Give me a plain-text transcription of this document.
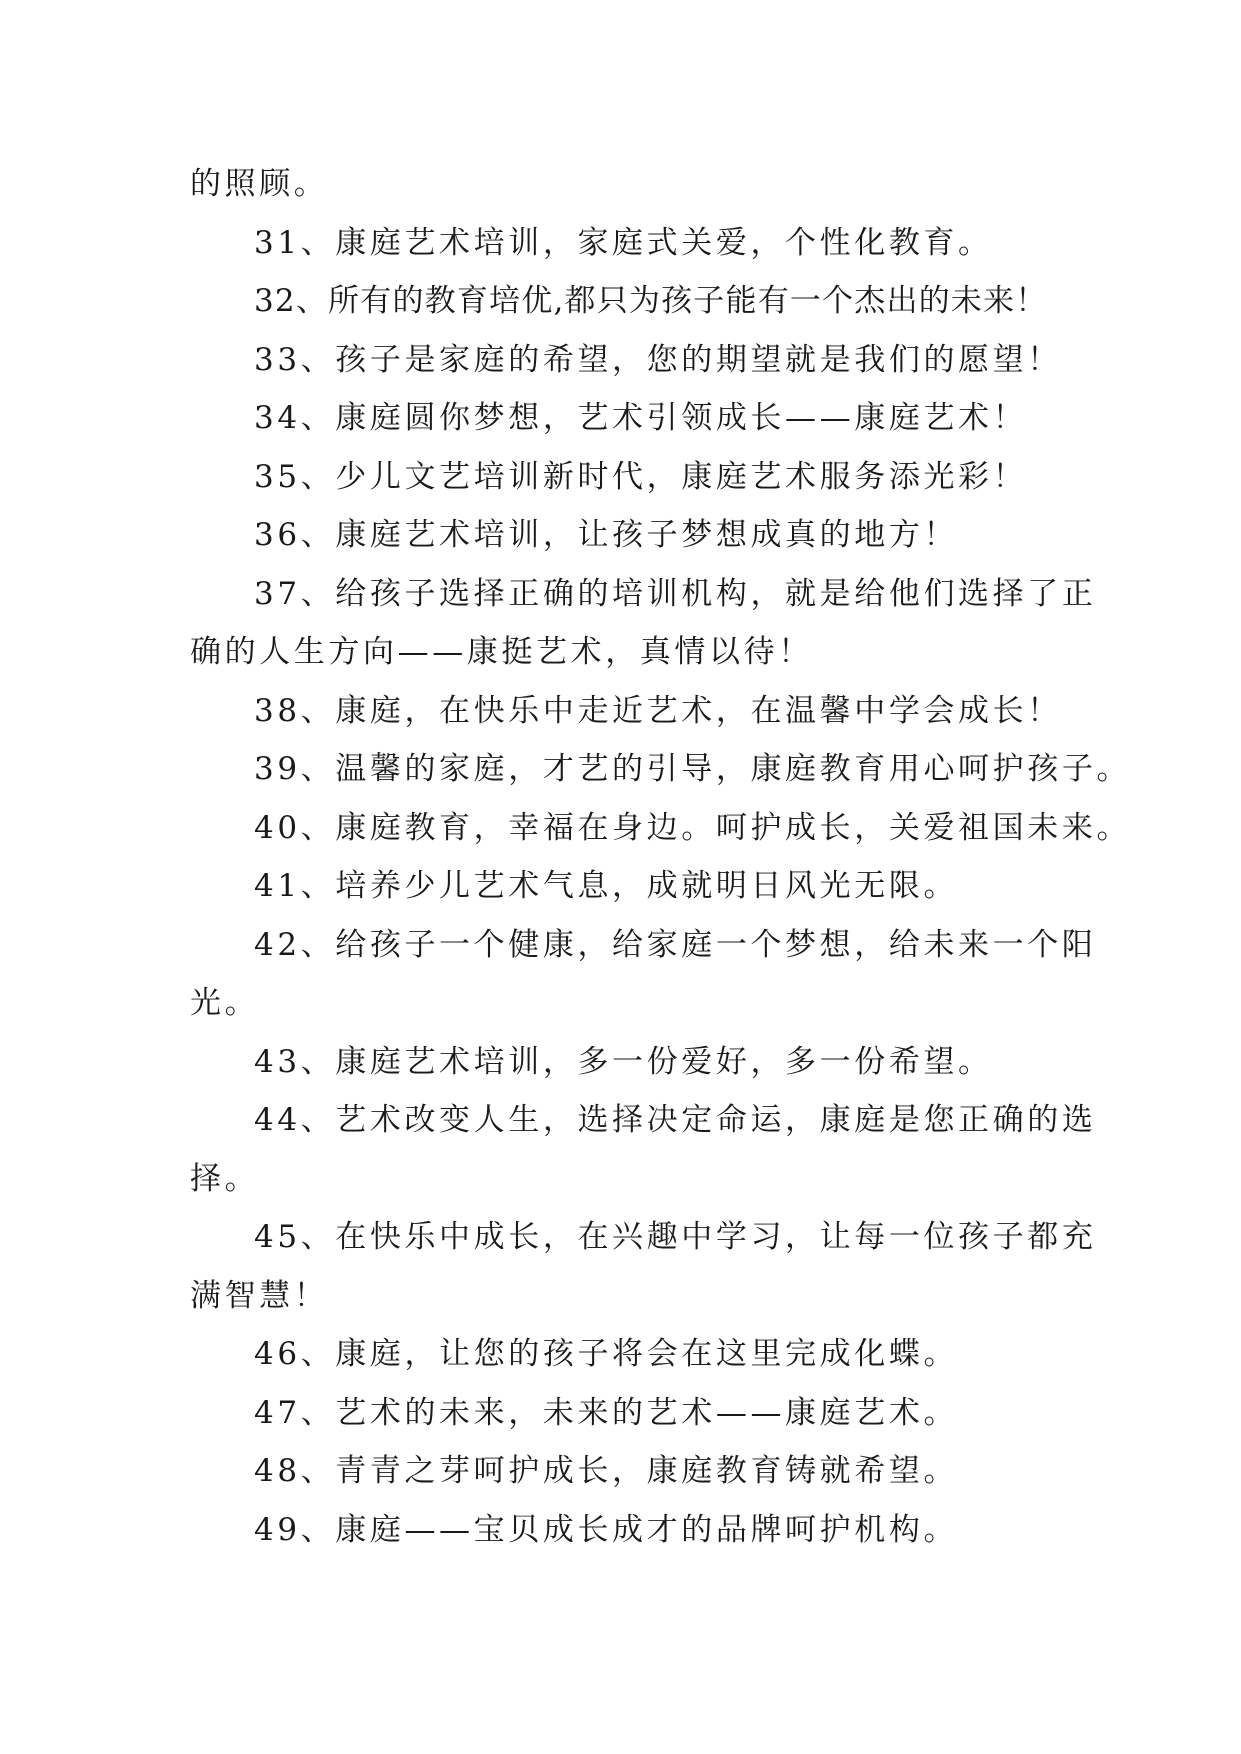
的照顾。
31、康庭艺术培训，家庭式关爱，个性化教育。
32、所有的教育培优,都只为孩子能有一个杰出的未来！
33、孩子是家庭的希望，您的期望就是我们的愿望！
34、康庭圆你梦想，艺术引领成长——康庭艺术！
35、少儿文艺培训新时代，康庭艺术服务添光彩！
36、康庭艺术培训，让孩子梦想成真的地方！
37、给孩子选择正确的培训机构，就是给他们选择了正
确的人生方向——康挺艺术，真情以待！
38、康庭，在快乐中走近艺术，在温馨中学会成长！
39、温馨的家庭，才艺的引导，康庭教育用心呵护孩子。
40、康庭教育，幸福在身边。呵护成长，关爱祖国未来。
41、培养少儿艺术气息，成就明日风光无限。
42、给孩子一个健康，给家庭一个梦想，给未来一个阳
光。
43、康庭艺术培训，多一份爱好，多一份希望。
44、艺术改变人生，选择决定命运，康庭是您正确的选
择。
45、在快乐中成长，在兴趣中学习，让每一位孩子都充
满智慧！
46、康庭，让您的孩子将会在这里完成化蝶。
47、艺术的未来，未来的艺术——康庭艺术。
48、青青之芽呵护成长，康庭教育铸就希望。
49、康庭——宝贝成长成才的品牌呵护机构。
